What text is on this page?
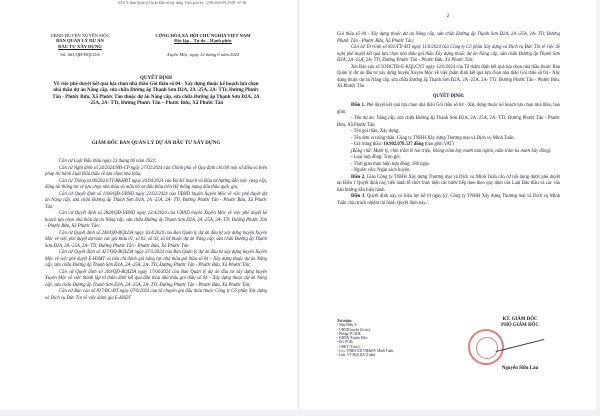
SAO Y: Ban Quản lý Dự án Đầu tư xây dựng. Thời gian ký: 12/06/2024 09:33:08 +07:00
UBND HUYỆN XUYÊN MỘC
BAN QUẢN LÝ DỰ ÁN
ĐẦU TƯ XÂY DỰNG
Số: 463/QĐ-BQLDA
CỘNG HÒA XÃ HỘI CHỦ NGHĨA VIỆT NAM
Độc lập – Tự do – Hạnh phúc
Xuyên Mộc, ngày 12 tháng 6 năm 2024
QUYẾT ĐỊNH
Về việc phê duyệt kết quả lựa chọn nhà thầu Gói thầu số 04 - Xây dựng thuộc kế hoạch lựa chọn nhà thầu dự án Nâng cấp, sửa chữa Đường ấp Thạnh Sơn Đ2A, 2A -25A, 2A- TTr, Đường Phước Tân - Phước Bửu, Xã Phước Tân thuộc dự án Nâng cấp, sửa chữa Đường ấp Thạnh Sơn Đ2A, 2A -25A, 2A- TTr, Đường Phước Tân – Phước Bửu, Xã Phước Tân
GIÁM ĐỐC BAN QUẢN LÝ DỰ ÁN ĐẦU TƯ XÂY DỰNG

Căn cứ Luật Đấu thầu ngày 23 tháng 06 năm 2023;

Căn cứ Nghị định số 24/2024/NĐ-CP ngày 27/02/2024 của Chính phủ về Quy định chi tiết một số điều và biện pháp thi hành Luật Đấu thầu về lựa chọn nhà thầu;

Căn cứ Thông tư 06/2024/TT-BKHĐT ngày 26/04/2024 của Bộ Kế hoạch và Đầu tư hướng dẫn việc cung cấp, đăng tải thông tin về lựa chọn nhà thầu và mẫu hồ sơ đấu thầu trên Hệ thống mạng đấu thầu quốc gia;

Căn cứ Quyết định số 1106/QĐ-UBND ngày 22/02/2024 của UBND huyện Xuyên Mộc về việc phê duyệt dự án Nâng cấp, sửa chữa Đường ấp Thạnh Sơn Đ2A, 2A -25A, 2A- TTr, Đường Phước Tân - Phước Bửu, Xã Phước Tân;

Căn cứ Quyết định số 2828/QĐ-UBND ngày 12/4/2024 của UBND huyện Xuyên Mộc về việc phê duyệt kế hoạch lựa chọn nhà thầu dự án Nâng cấp, sửa chữa Đường ấp Thạnh Sơn Đ2A, 2A -25A, 2A- TTr, Đường Phước Tân - Phước Bửu, Xã Phước Tân;

Căn cứ Quyết định số 248/QĐ-BQLDA ngày 16/4/2024 của Ban Quản lý dự án đầu tư xây dựng huyện Xuyên Mộc về việc phê duyệt dự toán các gói thầu 01, số 02, số 03, số 04 thuộc dự án Nâng cấp, sửa chữa Đường ấp Thạnh Sơn Đ2A, 2A -25A, 2A- TTr, Đường Phước Tân - Phước Bửu, Xã Phước Tân.

Căn cứ Quyết định số 427/QĐ-BQLDA ngày 27/5/2024 của Ban Quản lý dự án đầu tư xây dựng huyện Xuyên Mộc về việc phê duyệt E-HSMT và tiêu chí đánh giá năng lực nhà thầu gói thầu số 04 – Xây dựng thuộc dự án Nâng cấp, sửa chữa Đường ấp Thạnh Sơn Đ2A, 2A -25A, 2A- TTr, Đường Phước Tân - Phước Bửu, Xã Phước Tân;

Căn cứ Quyết định số 269/QĐ-BQLDA ngày 17/04/2024 của Ban Quản lý dự án đầu tư xây dựng huyện Xuyên Mộc về việc thành lập tổ thẩm định kết quả đấu thầu nhà thầu gói thầu số 04 – Xây dựng thuộc dự án Nâng cấp, sửa chữa Đường ấp Thạnh Sơn Đ2A, 2A -25A, 2A- TTr, Đường Phước Tân - Phước Bửu, Xã Phước Tân;

Căn cứ Báo cáo số 817/BC-ĐT ngày 07/6/2024 của tổ chuyên gia đấu thầu thuộc Công ty Cổ phần Xây dựng và Dịch vụ Đức Tín về việc đánh giá E-HSDT

2

Gói thầu số 04 - Xây dựng thuộc dự án Nâng cấp, sửa chữa Đường ấp Thạnh Sơn Đ2A, 2A -25A, 2A- TTr, Đường Phước Tân - Phước Bửu, Xã Phước Tân;

Căn cứ Tờ trình số 831/TTr-ĐT ngày 11/6/2024 của Công ty Cổ phần Xây dựng và Dịch vụ Đức Tín về việc đề nghị phê duyệt kết quả lựa chọn nhà thầu gói thầu Xây dựng thuộc dự án Nâng cấp, sửa chữa Đường ấp Thạnh Sơn Đ2A, 2A -25A, 2A- TTr, Đường Phước Tân - Phước Bửu, Xã Phước Tân;

Xét Báo cáo số 50/BCTĐ-E-KQLCNT ngày 12/6/2024 của Tổ thẩm định kết quả lựa chọn nhà thầu thuộc Ban Quản lý dự án đầu tư xây dựng huyện Xuyên Mộc về việc thẩm định kết quả lựa chọn nhà thầu Gói thầu số 04 - Xây dựng thuộc dự án Nâng cấp, sửa chữa Đường ấp Thạnh Sơn Đ2A, 2A -25A, 2A- TTr, Đường Phước Tân - Phước Bửu, Xã Phước Tân.

QUYẾT ĐỊNH:

Điều 1. Phê duyệt kết quả lựa chọn nhà thầu Gói thầu số 04 - Xây dựng thuộc kế hoạch lựa chọn nhà thầu, bao gồm:

- Tên dự án: Nâng cấp, sửa chữa Đường ấp Thạnh Sơn Đ2A, 2A -25A, 2A- TTr, Đường Phước Tân - Phước Bửu, Xã Phước Tân.

- Tên gói thầu: Xây dựng.

- Tên đơn vị trúng thầu: Công ty TNHH Xây dựng Thương mại và Dịch vụ Minh Tuấn.

- Giá trúng thầu: 10.902.078.537 đồng (bao gồm VAT)

(Bằng chữ: Mười tỷ, chín trăm lẻ hai triệu, không trăm bảy mươi tám nghìn, năm trăm ba mươi bảy đồng).

- Loại hợp đồng: Trọn gói.

- Thời gian thực hiện hợp đồng: 180 ngày.

- Nguồn vốn: Ngân sách huyện.

Điều 2. Giao Công ty TNHH Xây dựng Thương mại và Dịch vụ Minh Tuấn căn cứ nội dung được phê duyệt tại Điều 1 Quyết định này, tiến hành tổ chức thực hiện các bước tiếp theo theo quy định của Luật Đấu thầu và các văn bản hướng dẫn hiện hành.

Điều 3. Quyết định này có hiệu lực kể từ ngày ký. Công ty TNHH Xây dựng Thương mại và Dịch vụ Minh Tuấn chịu trách nhiệm thi hành Quyết định này./.

Nơi nhận:
- Như Điều 3;
- UBND huyện (b/cáo);
- Phòng TC-KH;
- KBNN Xuyên Mộc;
- Đ/c PGĐ;
- CBKT (Thực);
- C.ty TNHH XD TM&DV Minh Tuấn;
- Lưu: VT-BQLDA (Tuấn).
KT. GIÁM ĐỐC
PHÓ GIÁM ĐỐC
Nguyễn Hữu Lâu
